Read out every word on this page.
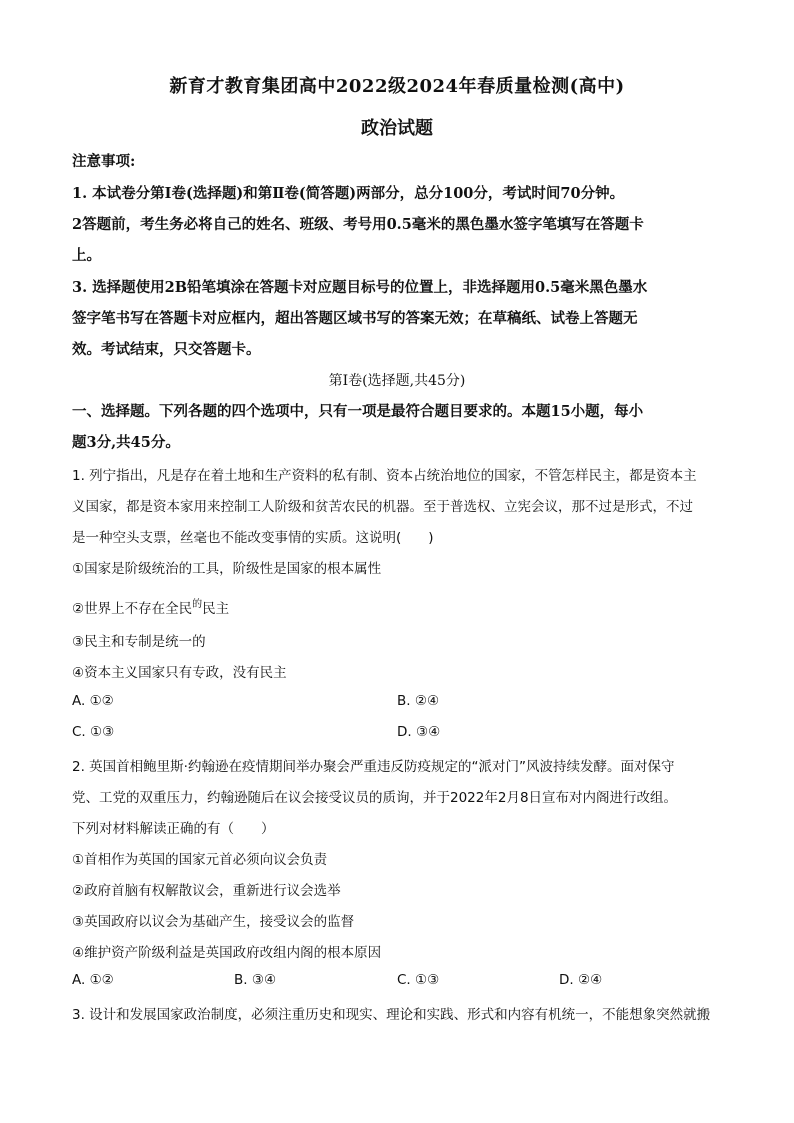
新育才教育集团高中2022级2024年春质量检测(高中)
政治试题
注意事项:
1. 本试卷分第Ⅰ卷(选择题)和第Ⅱ卷(简答题)两部分，总分100分，考试时间70分钟。
2答题前，考生务必将自己的姓名、班级、考号用0.5毫米的黑色墨水签字笔填写在答题卡
上。
3. 选择题使用2B铅笔填涂在答题卡对应题目标号的位置上，非选择题用0.5毫米黑色墨水
签字笔书写在答题卡对应框内，超出答题区域书写的答案无效；在草稿纸、试卷上答题无
效。考试结束，只交答题卡。
第Ⅰ卷(选择题,共45分)
一、选择题。下列各题的四个选项中，只有一项是最符合题目要求的。本题15小题，每小
题3分,共45分。
1. 列宁指出，凡是存在着土地和生产资料的私有制、资本占统治地位的国家，不管怎样民主，都是资本主
义国家，都是资本家用来控制工人阶级和贫苦农民的机器。至于普选权、立宪会议，那不过是形式，不过
是一种空头支票，丝毫也不能改变事情的实质。这说明(　　)
①国家是阶级统治的工具，阶级性是国家的根本属性
②世界上不存在全民$^的$民主
③民主和专制是统一的
④资本主义国家只有专政，没有民主
A. ①②	B. ②④
C. ①③	D. ③④
2. 英国首相鲍里斯·约翰逊在疫情期间举办聚会严重违反防疫规定的“派对门”风波持续发酵。面对保守
党、工党的双重压力，约翰逊随后在议会接受议员的质询，并于2022年2月8日宣布对内阁进行改组。
下列对材料解读正确的有（　　）
①首相作为英国的国家元首必须向议会负责
②政府首脑有权解散议会，重新进行议会选举
③英国政府以议会为基础产生，接受议会的监督
④维护资产阶级利益是英国政府改组内阁的根本原因
A. ①②	B. ③④	C. ①③	D. ②④
3. 设计和发展国家政治制度，必须注重历史和现实、理论和实践、形式和内容有机统一，不能想象突然就搬
